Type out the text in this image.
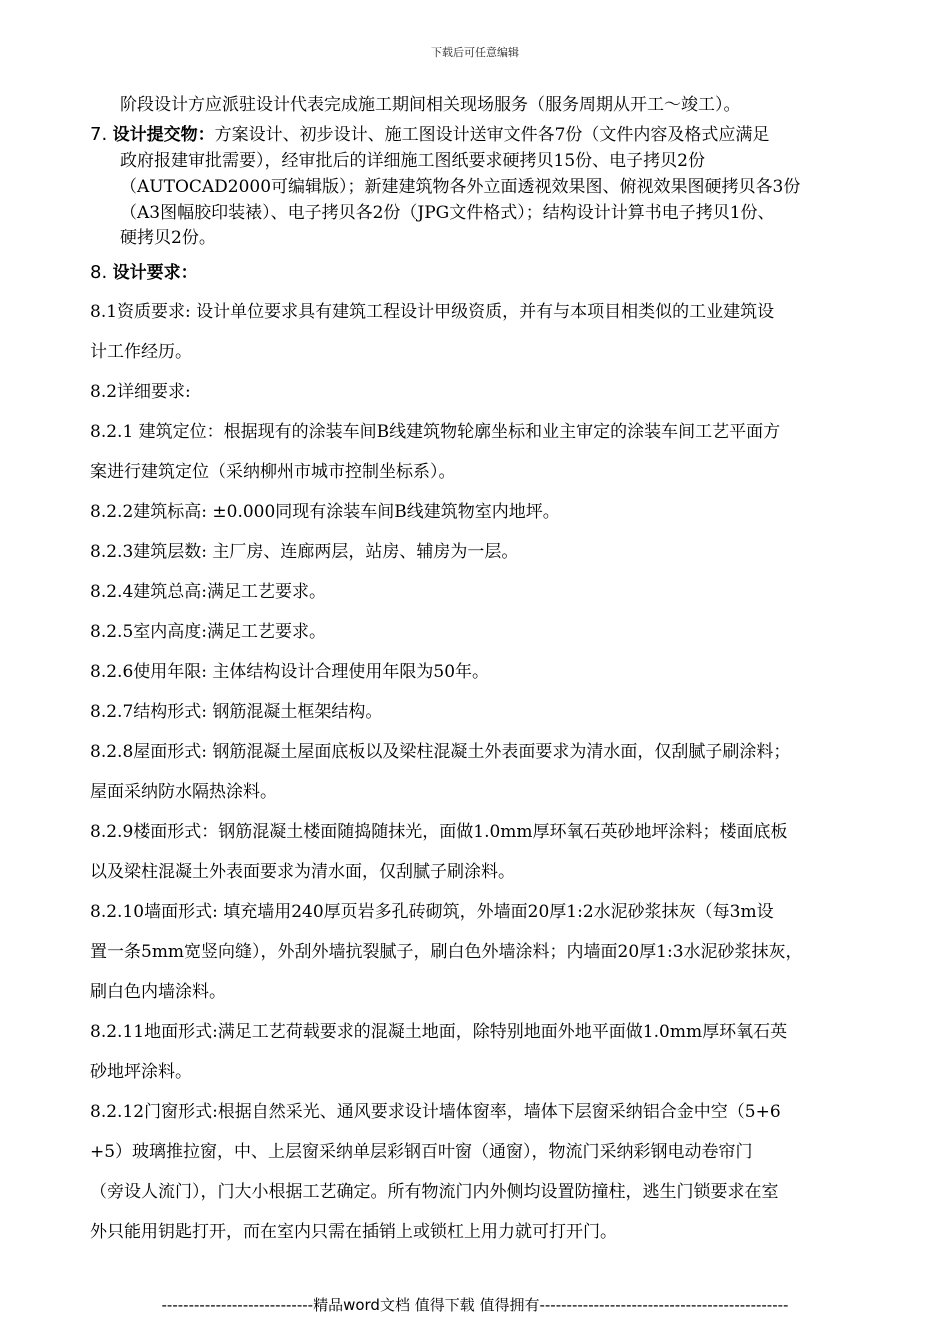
下载后可任意编辑
阶段设计方应派驻设计代表完成施工期间相关现场服务（服务周期从开工～竣工）。
7. 设计提交物：方案设计、初步设计、施工图设计送审文件各7份（文件内容及格式应满足
政府报建审批需要），经审批后的详细施工图纸要求硬拷贝15份、电子拷贝2份
（AUTOCAD2000可编辑版）；新建建筑物各外立面透视效果图、俯视效果图硬拷贝各3份
（A3图幅胶印装裱）、电子拷贝各2份（JPG文件格式）；结构设计计算书电子拷贝1份、
硬拷贝2份。
8. 设计要求：
8.1资质要求: 设计单位要求具有建筑工程设计甲级资质，并有与本项目相类似的工业建筑设
计工作经历。
8.2详细要求:
8.2.1 建筑定位：根据现有的涂装车间B线建筑物轮廓坐标和业主审定的涂装车间工艺平面方
案进行建筑定位（采纳柳州市城市控制坐标系）。
8.2.2建筑标高: ±0.000同现有涂装车间B线建筑物室内地坪。
8.2.3建筑层数: 主厂房、连廊两层，站房、辅房为一层。
8.2.4建筑总高:满足工艺要求。
8.2.5室内高度:满足工艺要求。
8.2.6使用年限: 主体结构设计合理使用年限为50年。
8.2.7结构形式: 钢筋混凝土框架结构。
8.2.8屋面形式: 钢筋混凝土屋面底板以及梁柱混凝土外表面要求为清水面，仅刮腻子刷涂料；
屋面采纳防水隔热涂料。
8.2.9楼面形式：钢筋混凝土楼面随捣随抹光，面做1.0mm厚环氧石英砂地坪涂料；楼面底板
以及梁柱混凝土外表面要求为清水面，仅刮腻子刷涂料。
8.2.10墙面形式: 填充墙用240厚页岩多孔砖砌筑，外墙面20厚1:2水泥砂浆抹灰（每3m设
置一条5mm宽竖向缝），外刮外墙抗裂腻子，刷白色外墙涂料；内墙面20厚1:3水泥砂浆抹灰，
刷白色内墙涂料。
8.2.11地面形式:满足工艺荷载要求的混凝土地面，除特别地面外地平面做1.0mm厚环氧石英
砂地坪涂料。
8.2.12门窗形式:根据自然采光、通风要求设计墙体窗率，墙体下层窗采纳铝合金中空（5+6
+5）玻璃推拉窗，中、上层窗采纳单层彩钢百叶窗（通窗），物流门采纳彩钢电动卷帘门
（旁设人流门），门大小根据工艺确定。所有物流门内外侧均设置防撞柱，逃生门锁要求在室
外只能用钥匙打开，而在室内只需在插销上或锁杠上用力就可打开门。
----------------------------精品word文档 值得下载 值得拥有----------------------------------------------
